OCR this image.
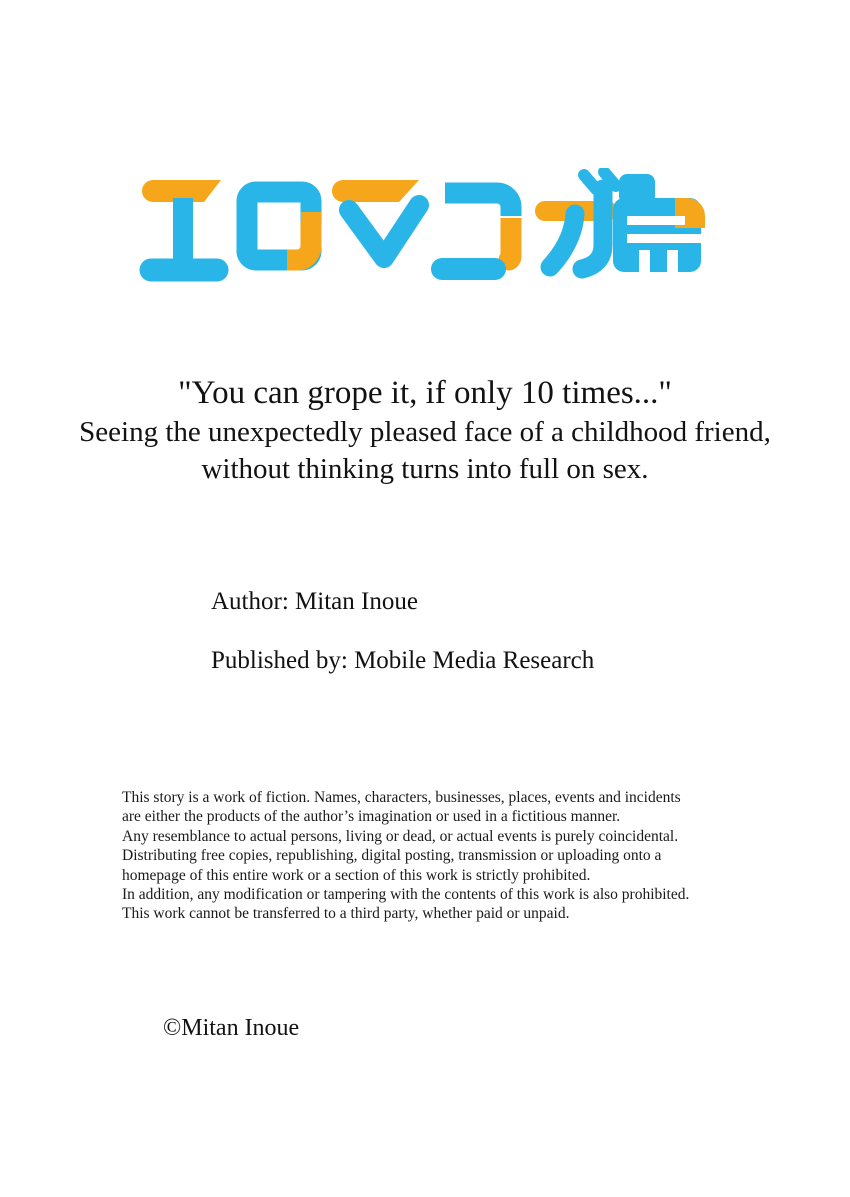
"You can grope it, if only 10 times..."
Seeing the unexpectedly pleased face of a childhood friend,
without thinking turns into full on sex.

Author: Mitan Inoue

Published by: Mobile Media Research

This story is a work of fiction. Names, characters, businesses, places, events and incidents
are either the products of the author’s imagination or used in a fictitious manner.
Any resemblance to actual persons, living or dead, or actual events is purely coincidental.
Distributing free copies, republishing, digital posting, transmission or uploading onto a
homepage of this entire work or a section of this work is strictly prohibited.
In addition, any modification or tampering with the contents of this work is also prohibited.
This work cannot be transferred to a third party, whether paid or unpaid.
©Mitan Inoue
